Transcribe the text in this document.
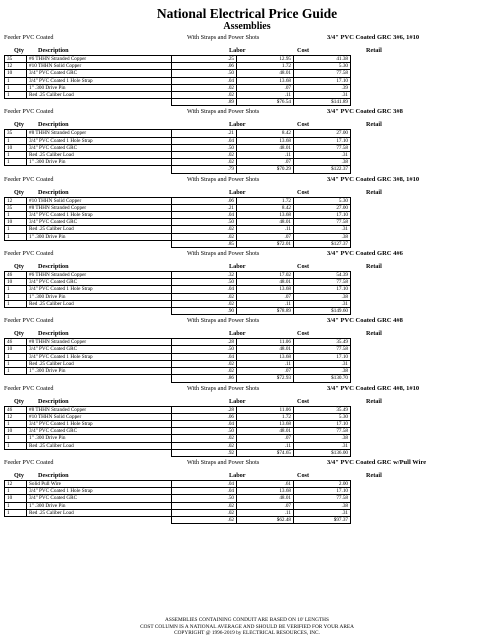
National Electrical Price Guide
Assemblies
Feeder PVC Coated	With Straps and Power Shots	3/4" PVC Coated GRC 3#6, 1#10
Qty Description	Labor	Cost	Retail
35	#6 THHN Stranded Copper	.25	12.95	41.38
12	#10 THHN Solid Copper	.06	1.72	5.30
10	3/4" PVC Coated GRC	.50	48.01	77.58
1	3/4" PVC Coated 1 Hole Strap	.04	13.68	17.10
1	1" .300 Drive Pin	.02	.07	.39
1	Red .25 Caliber Load	.02	.11	.31
		.89	$76.54	$141.89
Feeder PVC Coated	With Straps and Power Shots	3/4" PVC Coated GRC 3#8
Qty Description	Labor	Cost	Retail
35	#8 THHN Stranded Copper	.21	8.42	27.00
1	3/4" PVC Coated 1 Hole Strap	.04	13.68	17.10
10	3/4" PVC Coated GRC	.50	48.01	77.58
1	Red .25 Caliber Load	.02	.11	.31
1	1" .300 Drive Pin	.02	.07	.38
		.79	$70.29	$122.37
Feeder PVC Coated	With Straps and Power Shots	3/4" PVC Coated GRC 3#8, 1#10
Qty Description	Labor	Cost	Retail
12	#10 THHN Solid Copper	.06	1.72	5.30
35	#8 THHN Stranded Copper	.21	8.42	27.00
1	3/4" PVC Coated 1 Hole Strap	.04	13.68	17.10
10	3/4" PVC Coated GRC	.50	48.01	77.58
1	Red .25 Caliber Load	.02	.11	.31
1	1" .300 Drive Pin	.02	.07	.38
		.85	$72.01	$127.37
Feeder PVC Coated	With Straps and Power Shots	3/4" PVC Coated GRC 4#6
Qty Description	Labor	Cost	Retail
46	#6 THHN Stranded Copper	.32	17.02	54.39
10	3/4" PVC Coated GRC	.50	48.01	77.58
1	3/4" PVC Coated 1 Hole Strap	.04	13.68	17.10
1	1" .300 Drive Pin	.02	.07	.38
1	Red .25 Caliber Load	.02	.11	.31
		.90	$78.89	$149.60
Feeder PVC Coated	With Straps and Power Shots	3/4" PVC Coated GRC 4#8
Qty Description	Labor	Cost	Retail
46	#8 THHN Stranded Copper	.28	11.06	35.49
10	3/4" PVC Coated GRC	.50	48.01	77.58
1	3/4" PVC Coated 1 Hole Strap	.04	13.68	17.10
1	Red .25 Caliber Load	.02	.11	.31
1	1" .300 Drive Pin	.02	.07	.38
		.86	$72.93	$130.70
Feeder PVC Coated	With Straps and Power Shots	3/4" PVC Coated GRC 4#8, 1#10
Qty Description	Labor	Cost	Retail
46	#8 THHN Stranded Copper	.28	11.06	35.49
12	#10 THHN Solid Copper	.06	1.72	5.30
1	3/4" PVC Coated 1 Hole Strap	.04	13.68	17.10
10	3/4" PVC Coated GRC	.50	48.01	77.58
1	1" .300 Drive Pin	.02	.07	.38
1	Red .25 Caliber Load	.02	.11	.31
		.92	$74.65	$136.00
Feeder PVC Coated	With Straps and Power Shots	3/4" PVC Coated GRC w/Pull Wire
Qty Description	Labor	Cost	Retail
12	Solid Pull Wire	.04	.61	2.00
1	3/4" PVC Coated 1 Hole Strap	.04	13.68	17.10
10	3/4" PVC Coated GRC	.50	48.01	77.58
1	1" .300 Drive Pin	.02	.07	.38
1	Red .25 Caliber Load	.02	.11	.31
		.62	$62.48	$97.37
ASSEMBLIES CONTAINING CONDUIT ARE BASED ON 10' LENGTHS
COST COLUMN IS A NATIONAL AVERAGE AND SHOULD BE VERIFIED FOR YOUR AREA
COPYRIGHT @ 1996-2019 by ELECTRICAL RESOURCES, INC.
